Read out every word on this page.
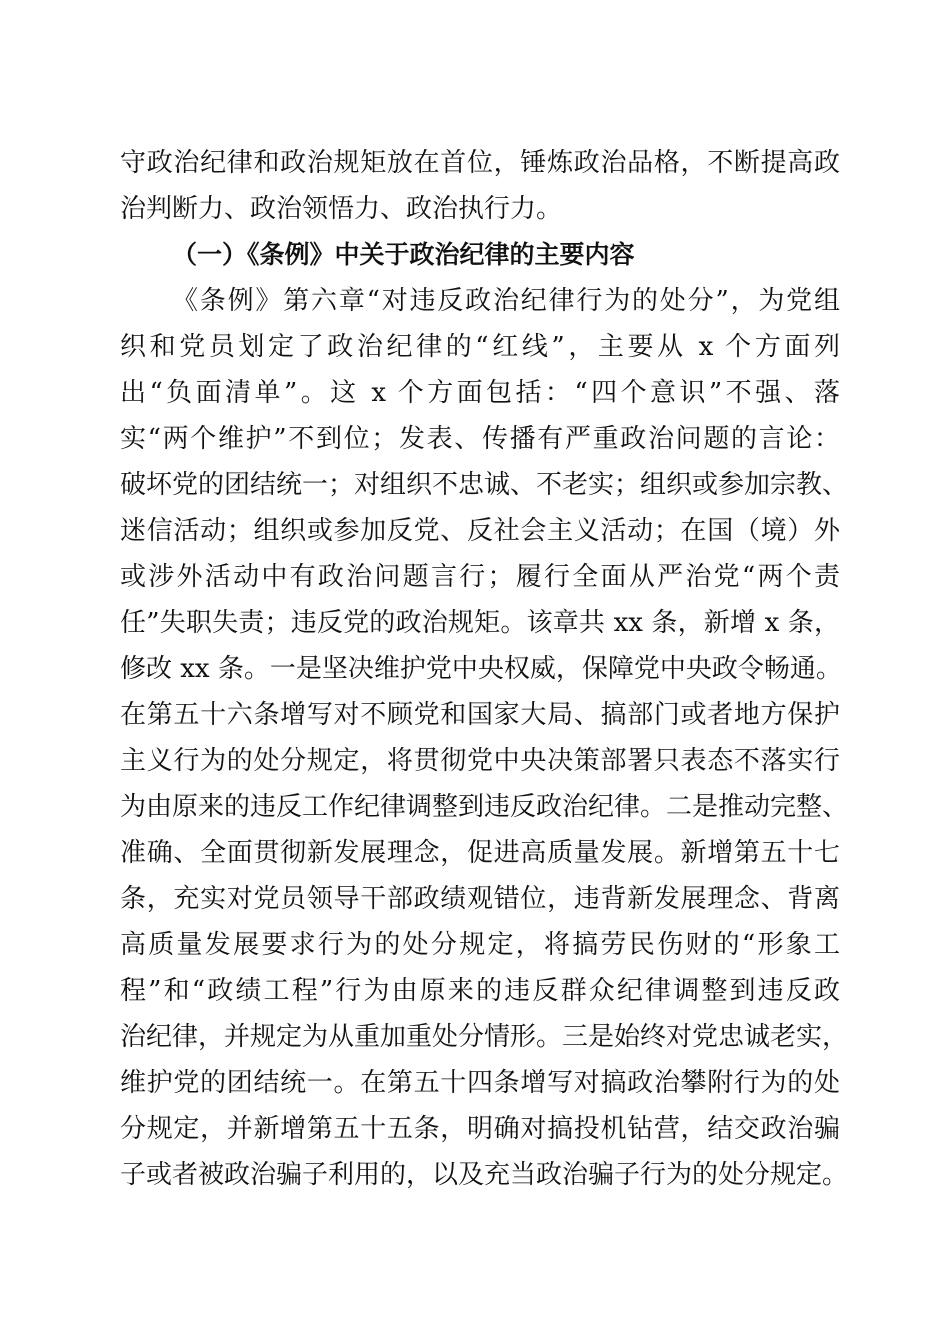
守政治纪律和政治规矩放在首位，锤炼政治品格，不断提高政
治判断力、政治领悟力、政治执行力。
（一）《条例》中关于政治纪律的主要内容
《条例》第六章“对违反政治纪律行为的处分”，为党组
织和党员划定了政治纪律的“红线”，主要从 x 个方面列
出“负面清单”。这 x 个方面包括：“四个意识”不强、落
实“两个维护”不到位；发表、传播有严重政治问题的言论：
破坏党的团结统一；对组织不忠诚、不老实；组织或参加宗教、
迷信活动；组织或参加反党、反社会主义活动；在国（境）外
或涉外活动中有政治问题言行；履行全面从严治党“两个责
任”失职失责；违反党的政治规矩。该章共 xx 条，新增 x 条，
修改 xx 条。一是坚决维护党中央权威，保障党中央政令畅通。
在第五十六条增写对不顾党和国家大局、搞部门或者地方保护
主义行为的处分规定，将贯彻党中央决策部署只表态不落实行
为由原来的违反工作纪律调整到违反政治纪律。二是推动完整、
准确、全面贯彻新发展理念，促进高质量发展。新增第五十七
条，充实对党员领导干部政绩观错位，违背新发展理念、背离
高质量发展要求行为的处分规定，将搞劳民伤财的“形象工
程”和“政绩工程”行为由原来的违反群众纪律调整到违反政
治纪律，并规定为从重加重处分情形。三是始终对党忠诚老实，
维护党的团结统一。在第五十四条增写对搞政治攀附行为的处
分规定，并新增第五十五条，明确对搞投机钻营，结交政治骗
子或者被政治骗子利用的，以及充当政治骗子行为的处分规定。
